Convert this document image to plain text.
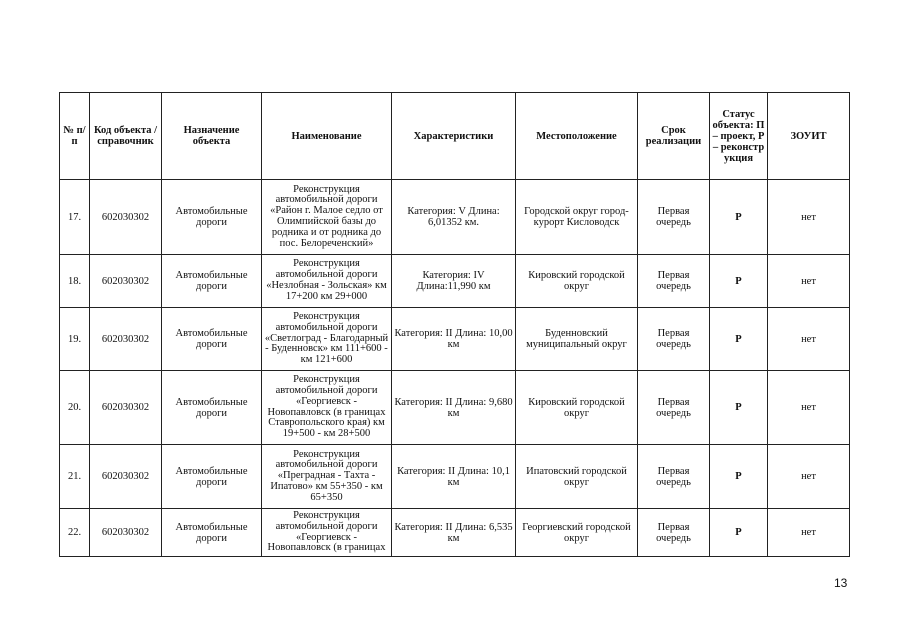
№ п/п	Код объекта / справочник	Назначение объекта	Наименование	Характеристики	Местоположение	Срок реализации	Статус объекта: П – проект, Р – реконстр укция	ЗОУИТ
17.	602030302	Автомобильные дороги	Реконструкция автомобильной дороги «Район г. Малое седло от Олимпийской базы до родника и от родника до пос. Белореченский»	Категория: V Длина: 6,01352 км.	Городской округ город-курорт Кисловодск	Первая очередь	Р	нет
18.	602030302	Автомобильные дороги	Реконструкция автомобильной дороги «Незлобная - Зольская» км 17+200 км 29+000	Категория: IV Длина:11,990 км	Кировский городской округ	Первая очередь	Р	нет
19.	602030302	Автомобильные дороги	Реконструкция автомобильной дороги «Светлоград - Благодарный - Буденновск» км 111+600 - км 121+600	Категория: II Длина: 10,00 км	Буденновский муниципальный округ	Первая очередь	Р	нет
20.	602030302	Автомобильные дороги	Реконструкция автомобильной дороги «Георгиевск - Новопавловск (в границах Ставропольского края) км 19+500 - км 28+500	Категория: II Длина: 9,680 км	Кировский городской округ	Первая очередь	Р	нет
21.	602030302	Автомобильные дороги	Реконструкция автомобильной дороги «Преградная - Тахта - Ипатово» км 55+350 - км 65+350	Категория: II Длина: 10,1 км	Ипатовский городской округ	Первая очередь	Р	нет
22.	602030302	Автомобильные дороги	Реконструкция автомобильной дороги «Георгиевск - Новопавловск (в границах	Категория: II Длина: 6,535 км	Георгиевский городской округ	Первая очередь	Р	нет
13
